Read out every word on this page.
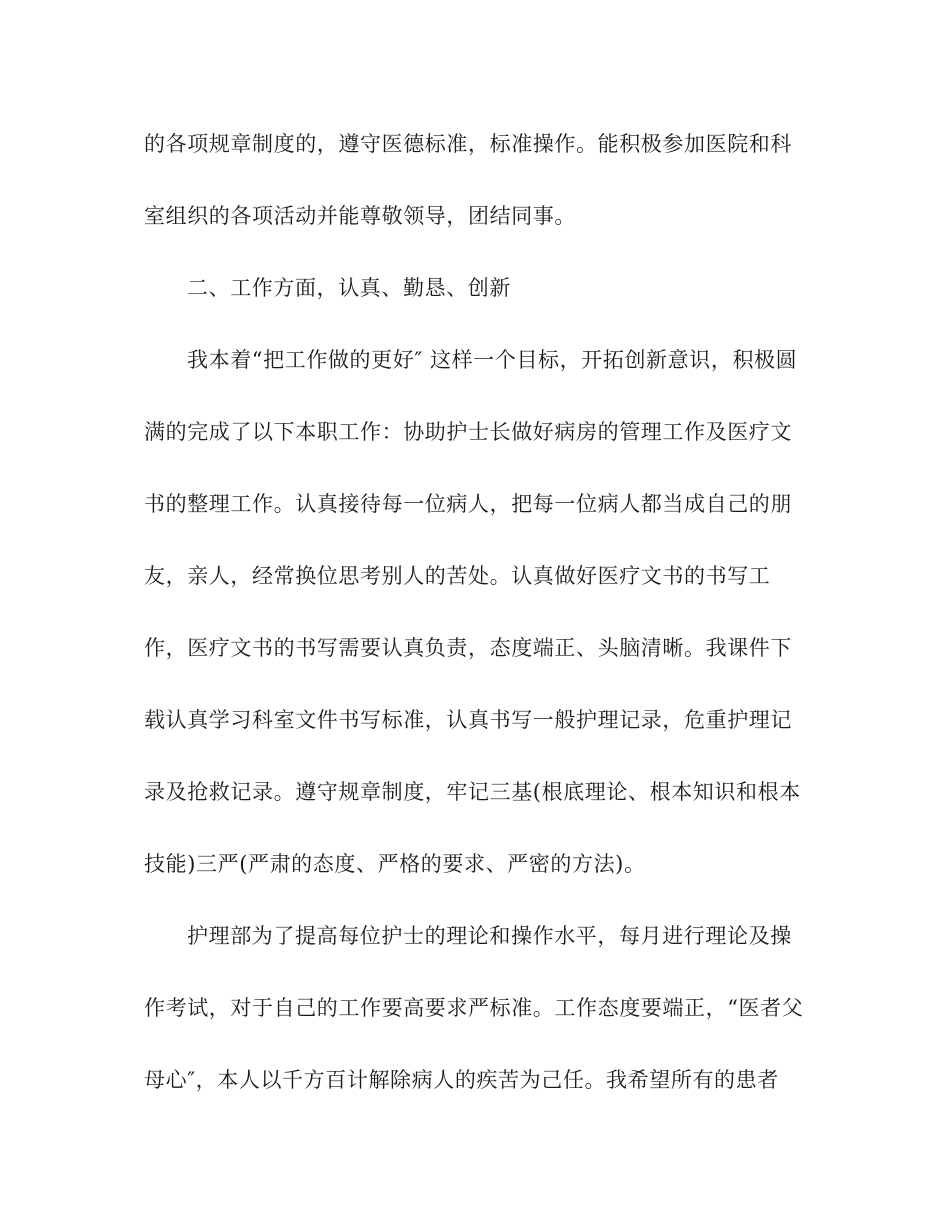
的各项规章制度的，遵守医德标准，标准操作。能积极参加医院和科
室组织的各项活动并能尊敬领导，团结同事。
二、工作方面，认真、勤恳、创新
我本着“把工作做的更好″ 这样一个目标，开拓创新意识，积极圆
满的完成了以下本职工作：协助护士长做好病房的管理工作及医疗文
书的整理工作。认真接待每一位病人，把每一位病人都当成自己的朋
友，亲人，经常换位思考别人的苦处。认真做好医疗文书的书写工
作，医疗文书的书写需要认真负责，态度端正、头脑清晰。我课件下
载认真学习科室文件书写标准，认真书写一般护理记录，危重护理记
录及抢救记录。遵守规章制度，牢记三基(根底理论、根本知识和根本
技能)三严(严肃的态度、严格的要求、严密的方法)。
护理部为了提高每位护士的理论和操作水平，每月进行理论及操
作考试，对于自己的工作要高要求严标准。工作态度要端正，“医者父
母心″，本人以千方百计解除病人的疾苦为己任。我希望所有的患者
